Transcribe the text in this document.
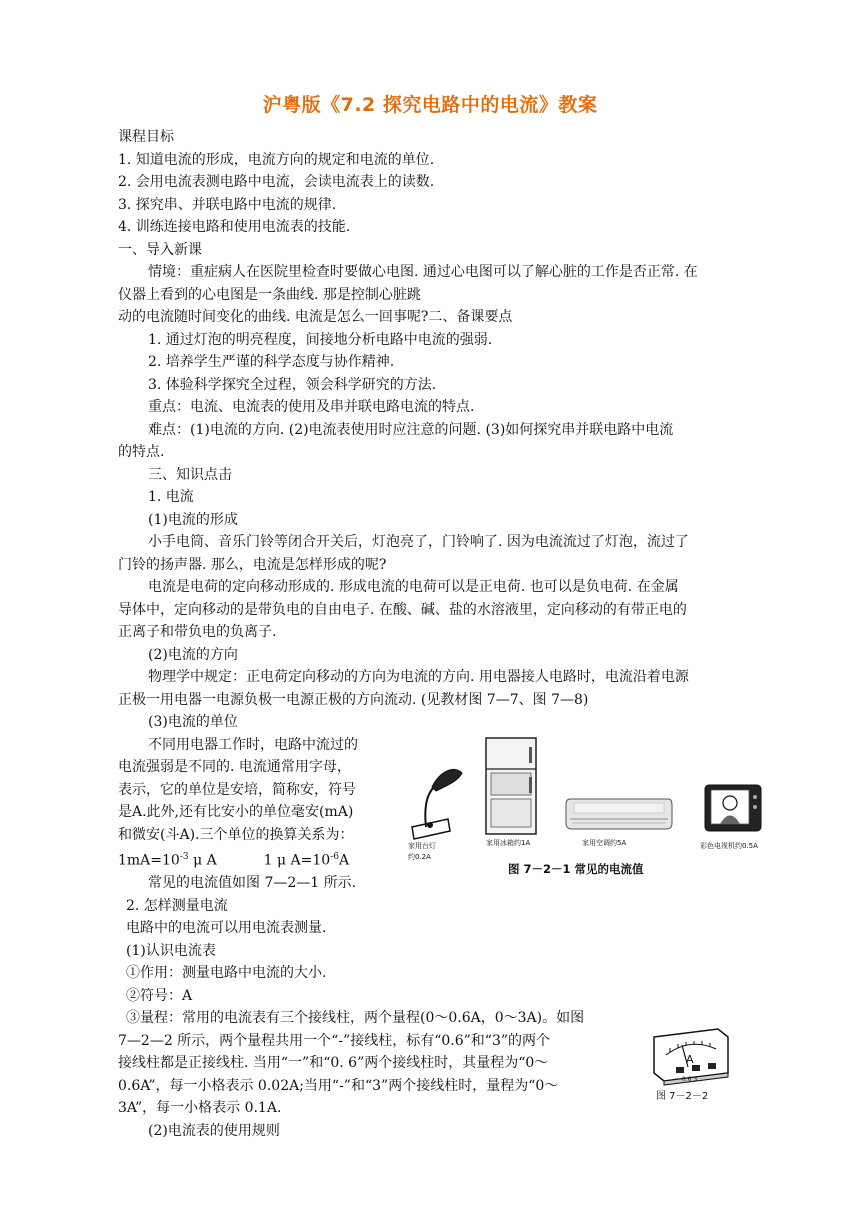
沪粤版《7.2 探究电路中的电流》教案

课程目标

1. 知道电流的形成，电流方向的规定和电流的单位.

2. 会用电流表测电路中电流，会读电流表上的读数.

3. 探究串、并联电路中电流的规律.

4. 训练连接电路和使用电流表的技能.

一、导入新课

情境：重症病人在医院里检查时要做心电图. 通过心电图可以了解心脏的工作是否正常. 在

仪器上看到的心电图是一条曲线. 那是控制心脏跳

动的电流随时间变化的曲线. 电流是怎么一回事呢?二、备课要点

1. 通过灯泡的明亮程度，间接地分析电路中电流的强弱.

2. 培养学生严谨的科学态度与协作精神.

3. 体验科学探究全过程，领会科学研究的方法.

重点：电流、电流表的使用及串并联电路电流的特点.

难点：(1)电流的方向. (2)电流表使用时应注意的问题. (3)如何探究串并联电路中电流

的特点.

三、知识点击

1. 电流

(1)电流的形成

小手电筒、音乐门铃等闭合开关后，灯泡亮了，门铃响了. 因为电流流过了灯泡，流过了

门铃的扬声器. 那么，电流是怎样形成的呢?

电流是电荷的定向移动形成的. 形成电流的电荷可以是正电荷. 也可以是负电荷. 在金属

导体中，定向移动的是带负电的自由电子. 在酸、碱、盐的水溶液里，定向移动的有带正电的

正离子和带负电的负离子.

(2)电流的方向

物理学中规定：正电荷定向移动的方向为电流的方向. 用电器接人电路时，电流沿着电源

正极一用电器一电源负极一电源正极的方向流动. (见教材图 7—7、图 7—8)

(3)电流的单位

不同用电器工作时，电路中流过的

电流强弱是不同的. 电流通常用字母，

表示，它的单位是安培，简称安，符号

是A.此外,还有比安小的单位毫安(mA)

和微安(斗A).三个单位的换算关系为：

$1mA=10^{-3}$ μ A	1 μ $A=10^{-6}A$

常见的电流值如图 7—2—1 所示.

2. 怎样测量电流

电路中的电流可以用电流表测量.

(1)认识电流表

①作用：测量电路中电流的大小.

②符号：A

③量程：常用的电流表有三个接线柱，两个量程(0～0.6A，0～3A)。如图

7—2—2 所示，两个量程共用一个“-”接线柱，标有“0.6”和“3”的两个

接线柱都是正接线柱. 当用“一”和“0. 6”两个接线柱时，其量程为“0～

0.6A”，每一小格表示 0.02A;当用“-”和“3”两个接线柱时，量程为“0～

3A”，每一小格表示 0.1A.

(2)电流表的使用规则

家用台灯
约0.2A
家用冰箱约1A	家用空调约5A	彩色电视机约0.5A
图 7－2－1 常见的电流值
A
－ 0.6 3
图 7－2－2
